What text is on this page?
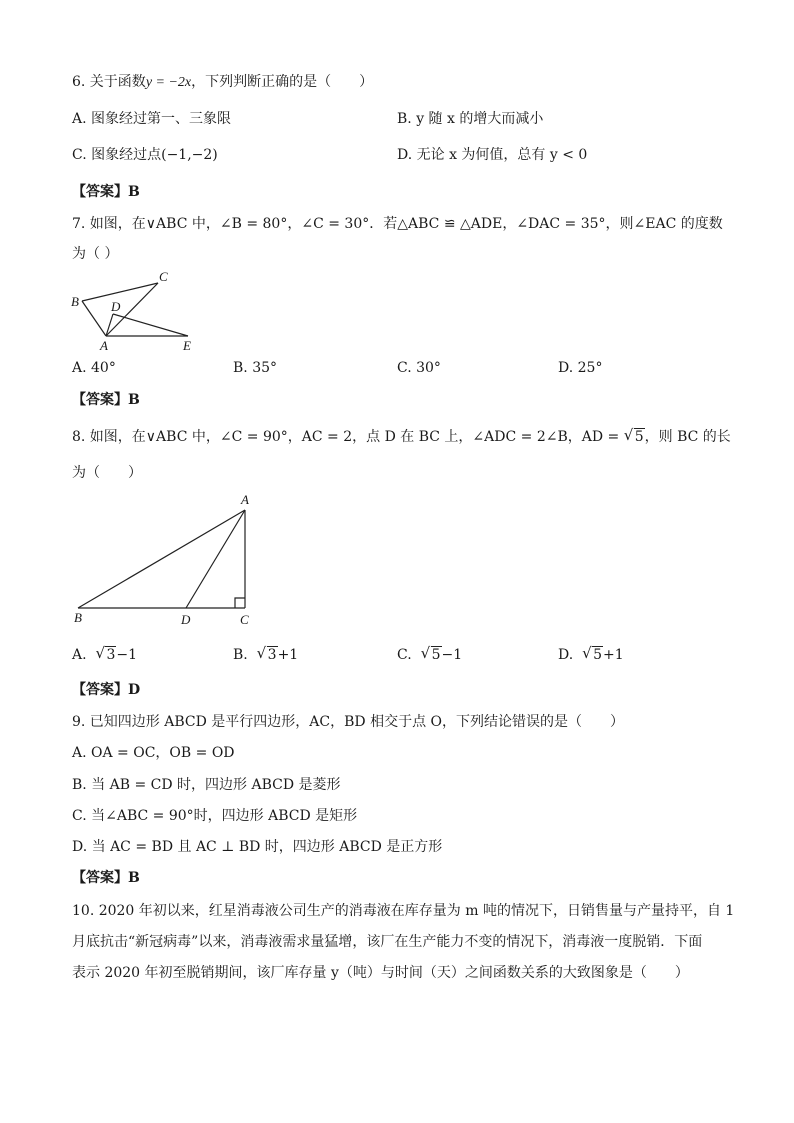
6. 关于函数y = −2x，下列判断正确的是（　　）
A. 图象经过第一、三象限	B. y 随 x 的增大而减小
C. 图象经过点(−1,−2)	D. 无论 x 为何值，总有 y < 0
【答案】B
7. 如图，在∨ABC 中，∠B = 80°，∠C = 30°．若△ABC ≌ △ADE，∠DAC = 35°，则∠EAC 的度数
为（ ）
C
B D
A	E
A. 40°	B. 35°	C. 30°	D. 25°
【答案】B
8. 如图，在∨ABC 中，∠C = 90°，AC = 2，点 D 在 BC 上，∠ADC = 2∠B，AD = √ 5，则 BC 的长
为（　　）
A
B	D	C
A. √ 3−1	B. √ 3+1	C. √ 5−1	D. √ 5+1
【答案】D
9. 已知四边形 ABCD 是平行四边形，AC，BD 相交于点 O，下列结论错误的是（　　）
A. OA = OC，OB = OD
B. 当 AB = CD 时，四边形 ABCD 是菱形
C. 当∠ABC = 90°时，四边形 ABCD 是矩形
D. 当 AC = BD 且 AC ⊥ BD 时，四边形 ABCD 是正方形
【答案】B
10. 2020 年初以来，红星消毒液公司生产的消毒液在库存量为 m 吨的情况下，日销售量与产量持平，自 1
月底抗击“新冠病毒”以来，消毒液需求量猛增，该厂在生产能力不变的情况下，消毒液一度脱销．下面
表示 2020 年初至脱销期间，该厂库存量 y（吨）与时间（天）之间函数关系的大致图象是（　　）
